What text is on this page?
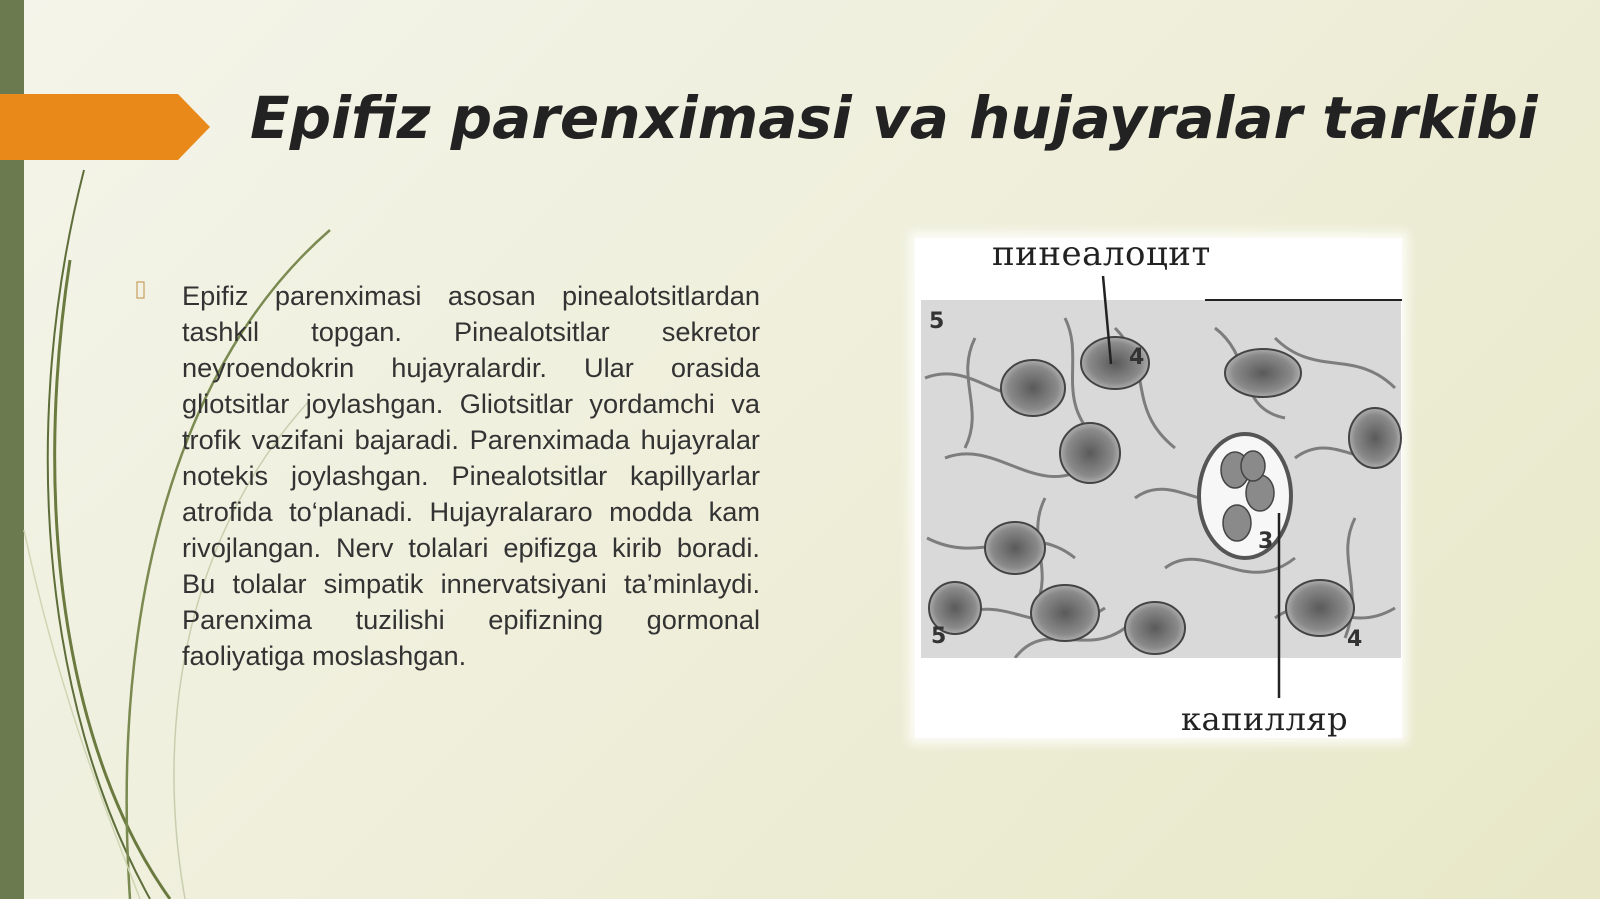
Epifiz parenximasi va hujayralar tarkibi
Epifiz parenximasi asosan pinealotsitlardan tashkil topgan. Pinealotsitlar sekretor neyroendokrin hujayralardir. Ular orasida gliotsitlar joylashgan. Gliotsitlar yordamchi va trofik vazifani bajaradi. Parenximada hujayralar notekis joylashgan. Pinealotsitlar kapillyarlar atrofida to‘planadi. Hujayralararo modda kam rivojlangan. Nerv tolalari epifizga kirib boradi. Bu tolalar simpatik innervatsiyani ta’minlaydi. Parenxima tuzilishi epifizning gormonal faoliyatiga moslashgan.
5
4
3
5	4
пинеалоцит
капилляр
